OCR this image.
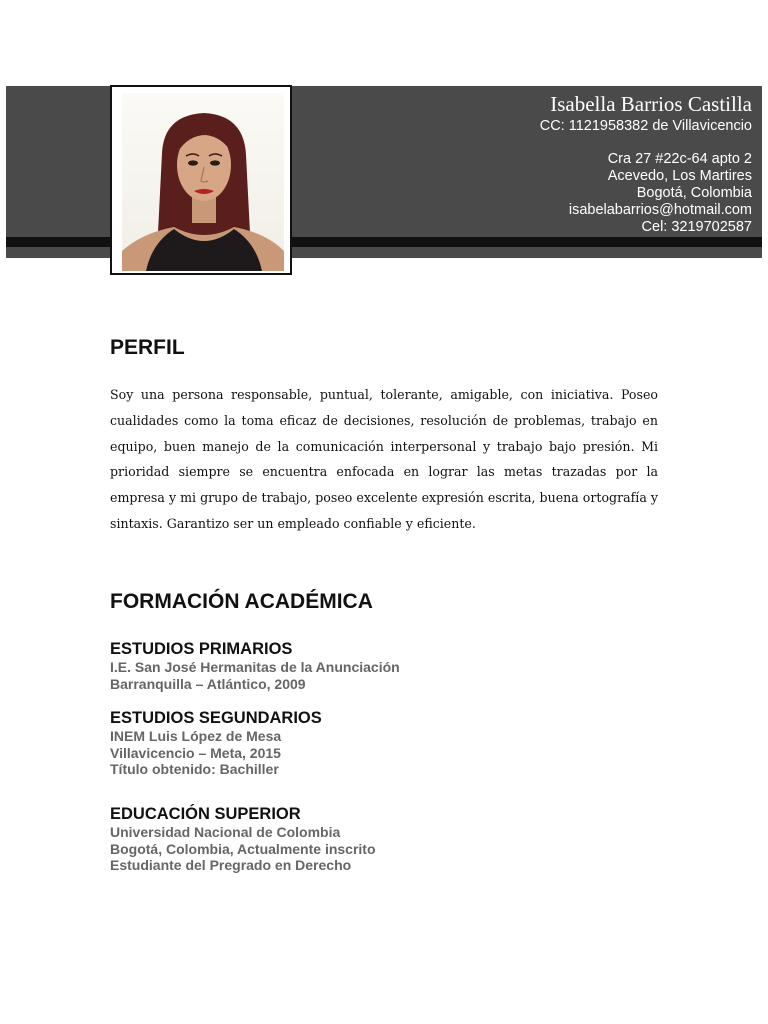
Isabella Barrios Castilla
CC: 1121958382 de Villavicencio
Cra 27 #22c-64 apto 2
Acevedo, Los Martires
Bogotá, Colombia
isabelabarrios@hotmail.com
Cel: 3219702587
PERFIL
Soy una persona responsable, puntual, tolerante, amigable, con iniciativa. Poseo cualidades como la toma eficaz de decisiones, resolución de problemas, trabajo en equipo, buen manejo de la comunicación interpersonal y trabajo bajo presión. Mi prioridad siempre se encuentra enfocada en lograr las metas trazadas por la empresa y mi grupo de trabajo, poseo excelente expresión escrita, buena ortografía y sintaxis. Garantizo ser un empleado confiable y eficiente.
FORMACIÓN ACADÉMICA
ESTUDIOS PRIMARIOS
I.E. San José Hermanitas de la Anunciación
Barranquilla – Atlántico, 2009
ESTUDIOS SEGUNDARIOS
INEM Luis López de Mesa
Villavicencio – Meta, 2015
Título obtenido: Bachiller
EDUCACIÓN SUPERIOR
Universidad Nacional de Colombia
Bogotá, Colombia, Actualmente inscrito
Estudiante del Pregrado en Derecho
